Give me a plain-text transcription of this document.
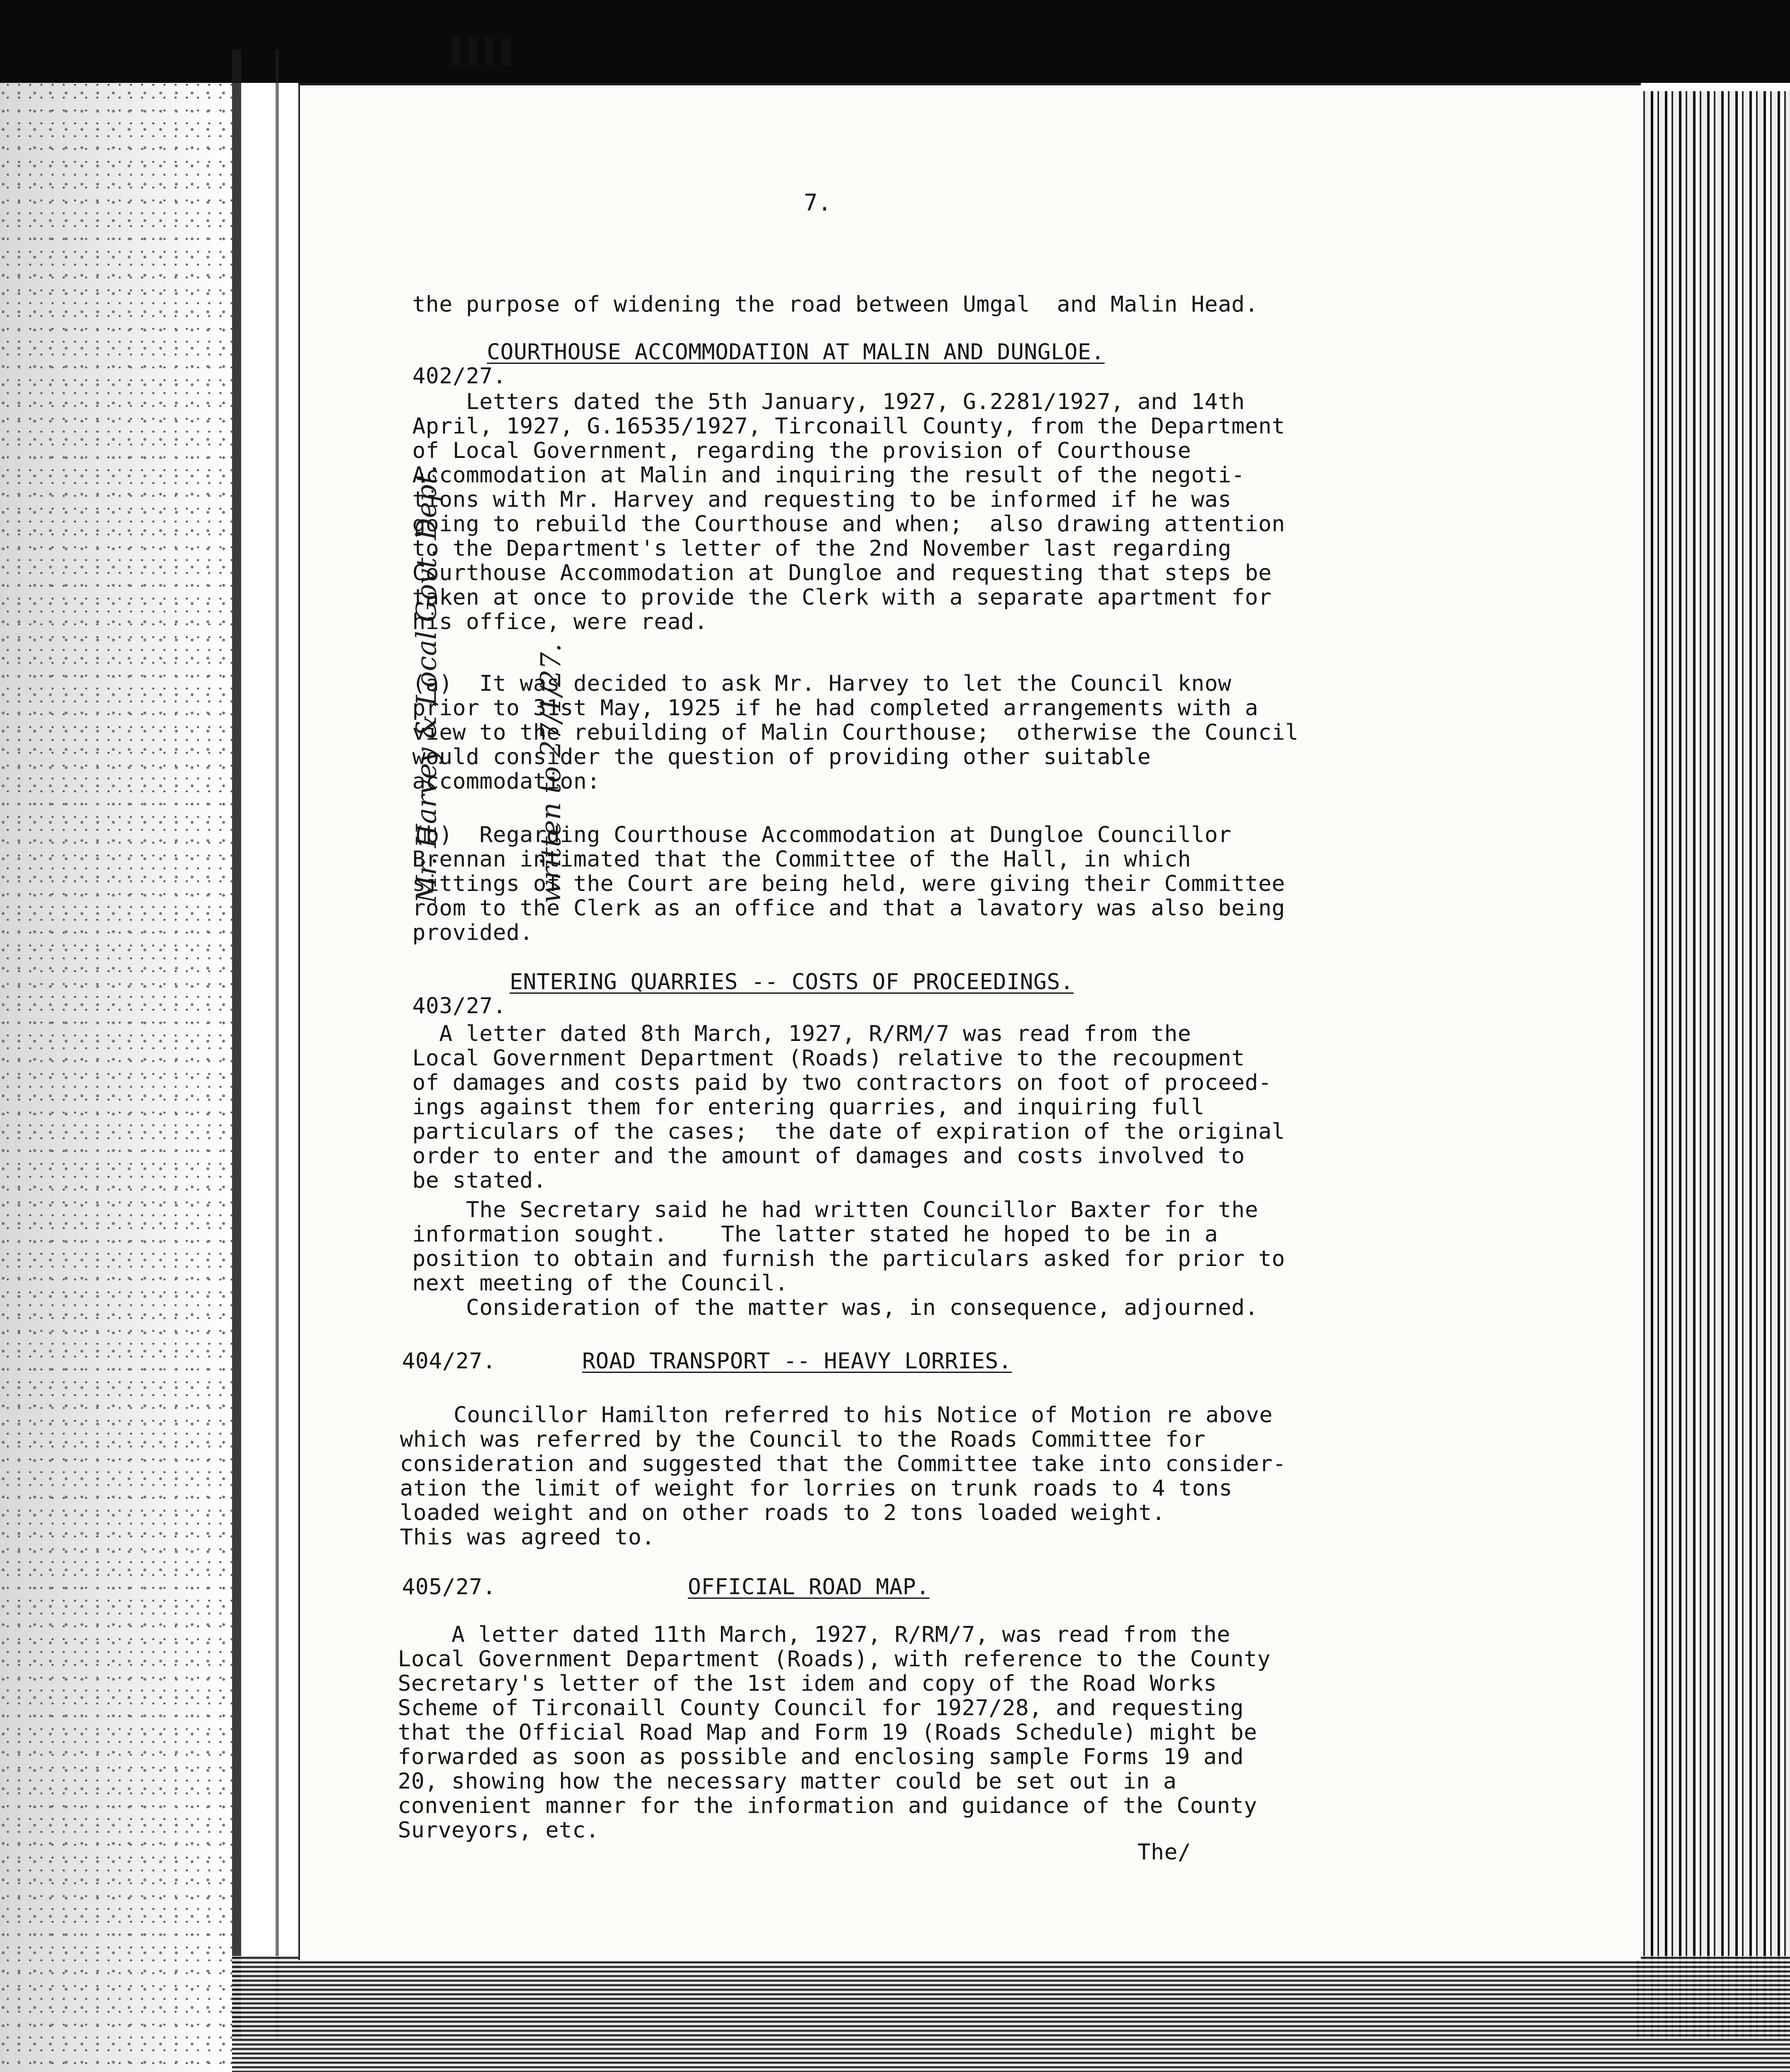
Mr. Harvey & Local Govt. Dept.

	written to 27/1/27.

7.

the purpose of widening the road between Umgal  and Malin Head.

COURTHOUSE ACCOMMODATION AT MALIN AND DUNGLOE.

402/27.

Letters dated the 5th January, 1927, G.2281/1927, and 14th

April, 1927, G.16535/1927, Tirconaill County, from the Department

of Local Government, regarding the provision of Courthouse

Accommodation at Malin and inquiring the result of the negoti-

tions with Mr. Harvey and requesting to be informed if he was

going to rebuild the Courthouse and when;  also drawing attention

to the Department's letter of the 2nd November last regarding

Courthouse Accommodation at Dungloe and requesting that steps be

taken at once to provide the Clerk with a separate apartment for

his office, were read.

(a)  It was decided to ask Mr. Harvey to let the Council know

prior to 31st May, 1925 if he had completed arrangements with a

view to the rebuilding of Malin Courthouse;  otherwise the Council

would consider the question of providing other suitable

accommodation:

(b)  Regarding Courthouse Accommodation at Dungloe Councillor

Brennan intimated that the Committee of the Hall, in which

sittings of the Court are being held, were giving their Committee

room to the Clerk as an office and that a lavatory was also being

provided.

ENTERING QUARRIES -- COSTS OF PROCEEDINGS.

403/27.

A letter dated 8th March, 1927, R/RM/7 was read from the

Local Government Department (Roads) relative to the recoupment

of damages and costs paid by two contractors on foot of proceed-

ings against them for entering quarries, and inquiring full

particulars of the cases;  the date of expiration of the original

order to enter and the amount of damages and costs involved to

be stated.

The Secretary said he had written Councillor Baxter for the

information sought.    The latter stated he hoped to be in a

position to obtain and furnish the particulars asked for prior to

next meeting of the Council.

Consideration of the matter was, in consequence, adjourned.

404/27.	ROAD TRANSPORT -- HEAVY LORRIES.

Councillor Hamilton referred to his Notice of Motion re above

which was referred by the Council to the Roads Committee for

consideration and suggested that the Committee take into consider-

ation the limit of weight for lorries on trunk roads to 4 tons

loaded weight and on other roads to 2 tons loaded weight.

This was agreed to.

405/27.	OFFICIAL ROAD MAP.

A letter dated 11th March, 1927, R/RM/7, was read from the

Local Government Department (Roads), with reference to the County

Secretary's letter of the 1st idem and copy of the Road Works

Scheme of Tirconaill County Council for 1927/28, and requesting

that the Official Road Map and Form 19 (Roads Schedule) might be

forwarded as soon as possible and enclosing sample Forms 19 and

20, showing how the necessary matter could be set out in a

convenient manner for the information and guidance of the County

Surveyors, etc.

The/
